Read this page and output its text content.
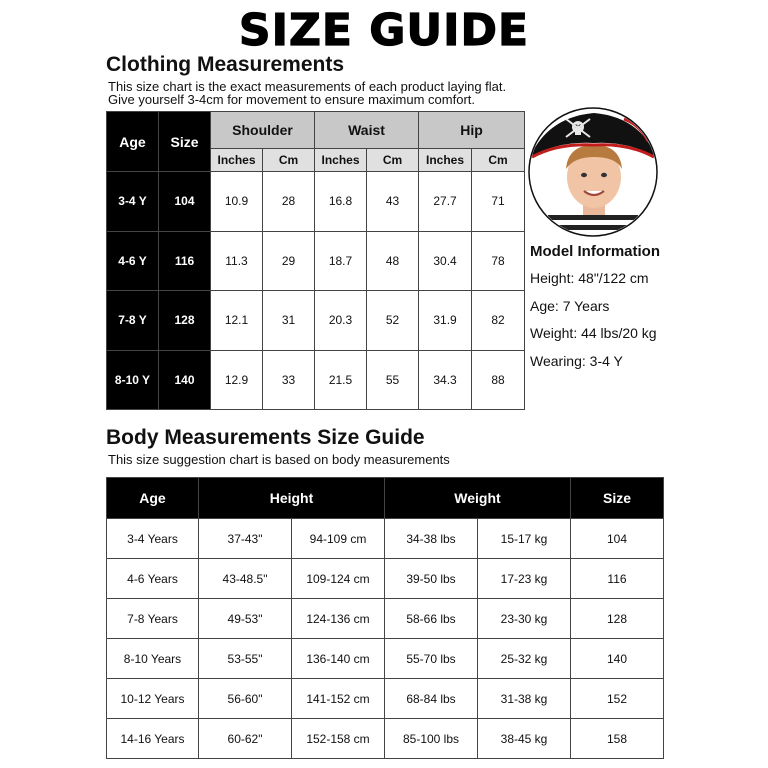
SIZE GUIDE
Clothing Measurements
This size chart is the exact measurements of each product laying flat.
Give yourself 3-4cm for movement to ensure maximum comfort.
Age	Size	Shoulder		Waist		Hip	
		Inches	Cm	Inches	Cm	Inches	Cm
3-4 Y	104	10.9	28	16.8	43	27.7	71
4-6 Y	116	11.3	29	18.7	48	30.4	78
7-8 Y	128	12.1	31	20.3	52	31.9	82
8-10 Y	140	12.9	33	21.5	55	34.3	88
Model Information
Height: 48"/122 cm
Age: 7 Years
Weight: 44 lbs/20 kg
Wearing: 3-4 Y
Body Measurements Size Guide
This size suggestion chart is based on body measurements
Age	Height		Weight		Size
3-4 Years	37-43"	94-109 cm	34-38 lbs	15-17 kg	104
4-6 Years	43-48.5"	109-124 cm	39-50 lbs	17-23 kg	116
7-8 Years	49-53"	124-136 cm	58-66 lbs	23-30 kg	128
8-10 Years	53-55"	136-140 cm	55-70 lbs	25-32 kg	140
10-12 Years	56-60"	141-152 cm	68-84 lbs	31-38 kg	152
14-16 Years	60-62"	152-158 cm	85-100 lbs	38-45 kg	158
